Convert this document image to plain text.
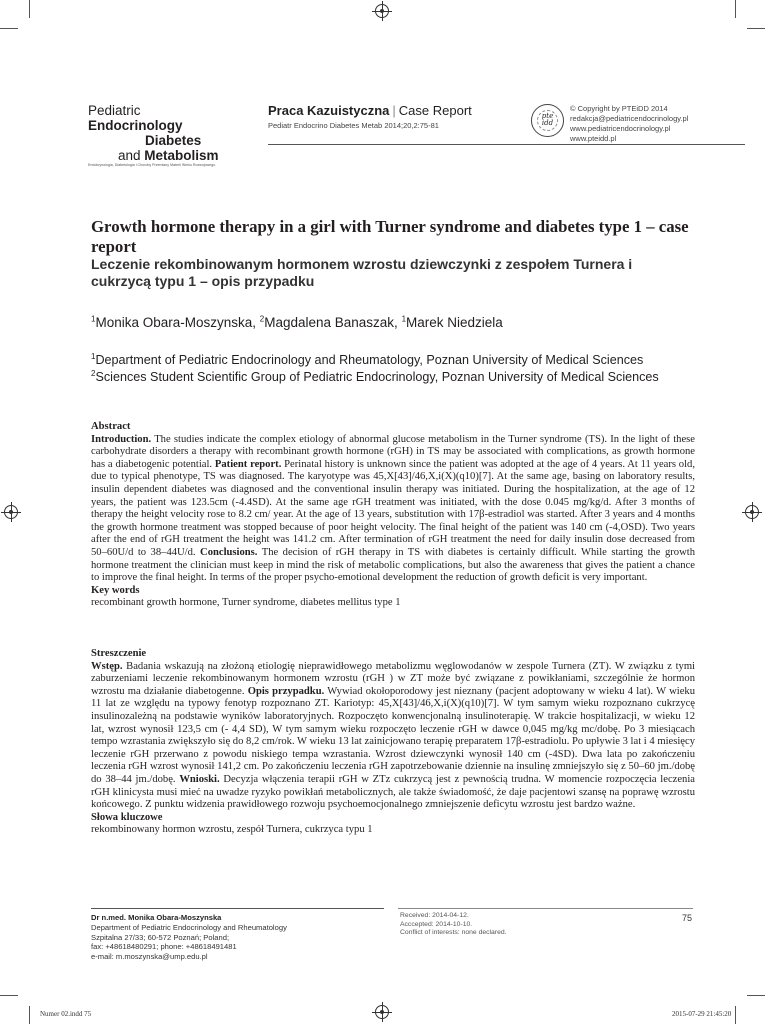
Pediatric Endocrinology
Diabetes
and Metabolism
Endokrynologia, Diabetologia i Choroby Przemiany Materii Wieku Rozwojowego
Praca Kazuistyczna | Case Report
Pediatr Endocrino Diabetes Metab 2014;20,2:75-81
pte
idd
© Copyright by PTEiDD 2014
redakcja@pediatricendocrinology.pl
www.pediatricendocrinology.pl
www.pteidd.pl
Growth hormone therapy in a girl with Turner syndrome and diabetes type 1 – case report
Leczenie rekombinowanym hormonem wzrostu dziewczynki z zespołem Turnera i cukrzycą typu 1 – opis przypadku
$^1$Monika Obara-Moszynska, $^2$Magdalena Banaszak, $^1$Marek Niedziela
$^1$Department of Pediatric Endocrinology and Rheumatology, Poznan University of Medical Sciences
$^2$Sciences Student Scientific Group of Pediatric Endocrinology, Poznan University of Medical Sciences
Abstract

Introduction. The studies indicate the complex etiology of abnormal glucose metabolism in the Turner syndrome (TS). In the light of these carbohydrate disorders a therapy with recombinant growth hormone (rGH) in TS may be associated with complications, as growth hormone has a diabetogenic potential. Patient report. Perinatal history is unknown since the patient was adopted at the age of 4 years. At 11 years old, due to typical phenotype, TS was diagnosed. The karyotype was 45,X[43]/46,X,i(X)(q10)[7]. At the same age, basing on laboratory results, insulin dependent diabetes was diagnosed and the conventional insulin therapy was initiated. During the hospitalization, at the age of 12 years, the patient was 123.5cm (-4.4SD). At the same age rGH treatment was initiated, with the dose 0.045 mg/kg/d. After 3 months of therapy the height velocity rose to 8.2 cm/ year. At the age of 13 years, substitution with 17β-estradiol was started. After 3 years and 4 months the growth hormone treatment was stopped because of poor height velocity. The final height of the patient was 140 cm (-4,OSD). Two years after the end of rGH treatment the height was 141.2 cm. After termination of rGH treatment the need for daily insulin dose decreased from 50–60U/d to 38–44U/d. Conclusions. The decision of rGH therapy in TS with diabetes is certainly difficult. While starting the growth hormone treatment the clinician must keep in mind the risk of metabolic complications, but also the awareness that gives the patient a chance to improve the final height. In terms of the proper psycho-emotional development the reduction of growth deficit is very important.

Key words
recombinant growth hormone, Turner syndrome, diabetes mellitus type 1
Streszczenie

Wstęp. Badania wskazują na złożoną etiologię nieprawidłowego metabolizmu węglowodanów w zespole Turnera (ZT). W związku z tymi zaburzeniami leczenie rekombinowanym hormonem wzrostu (rGH ) w ZT może być związane z powikłaniami, szczególnie że hormon wzrostu ma działanie diabetogenne. Opis przypadku. Wywiad okołoporodowy jest nieznany (pacjent adoptowany w wieku 4 lat). W wieku 11 lat ze względu na typowy fenotyp rozpoznano ZT. Kariotyp: 45,X[43]/46,X,i(X)(q10)[7]. W tym samym wieku rozpoznano cukrzycę insulinozależną na podstawie wyników laboratoryjnych. Rozpoczęto konwencjonalną insulinoterapię. W trakcie hospitalizacji, w wieku 12 lat, wzrost wynosił 123,5 cm (- 4,4 SD), W tym samym wieku rozpoczęto leczenie rGH w dawce 0,045 mg/kg mc/dobę. Po 3 miesiącach tempo wzrastania zwiększyło się do 8,2 cm/rok. W wieku 13 lat zainicjowano terapię preparatem 17β-estradiolu. Po upływie 3 lat i 4 miesięcy leczenie rGH przerwano z powodu niskiego tempa wzrastania. Wzrost dziewczynki wynosił 140 cm (-4SD). Dwa lata po zakończeniu leczenia rGH wzrost wynosił 141,2 cm. Po zakończeniu leczenia rGH zapotrzebowanie dziennie na insulinę zmniejszyło się z 50–60 jm./dobę do 38–44 jm./dobę. Wnioski. Decyzja włączenia terapii rGH w ZTz cukrzycą jest z pewnością trudna. W momencie rozpoczęcia leczenia rGH klinicysta musi mieć na uwadze ryzyko powikłań metabolicznych, ale także świadomość, że daje pacjentowi szansę na poprawę wzrostu końcowego. Z punktu widzenia prawidłowego rozwoju psychoemocjonalnego zmniejszenie deficytu wzrostu jest bardzo ważne.

Słowa kluczowe
rekombinowany hormon wzrostu, zespół Turnera, cukrzyca typu 1
Dr n.med. Monika Obara-Moszynska
Department of Pediatric Endocrinology and Rheumatology
Szpitalna 27/33; 60-572 Poznań; Poland;
fax: +48618480291; phone: +48618491481
e-mail: m.moszynska@ump.edu.pl
Received: 2014-04-12.
Acccepted: 2014-10-10.
Conflict of interests: none declared.
75
Numer 02.indd 75	2015-07-29 21:45:20
